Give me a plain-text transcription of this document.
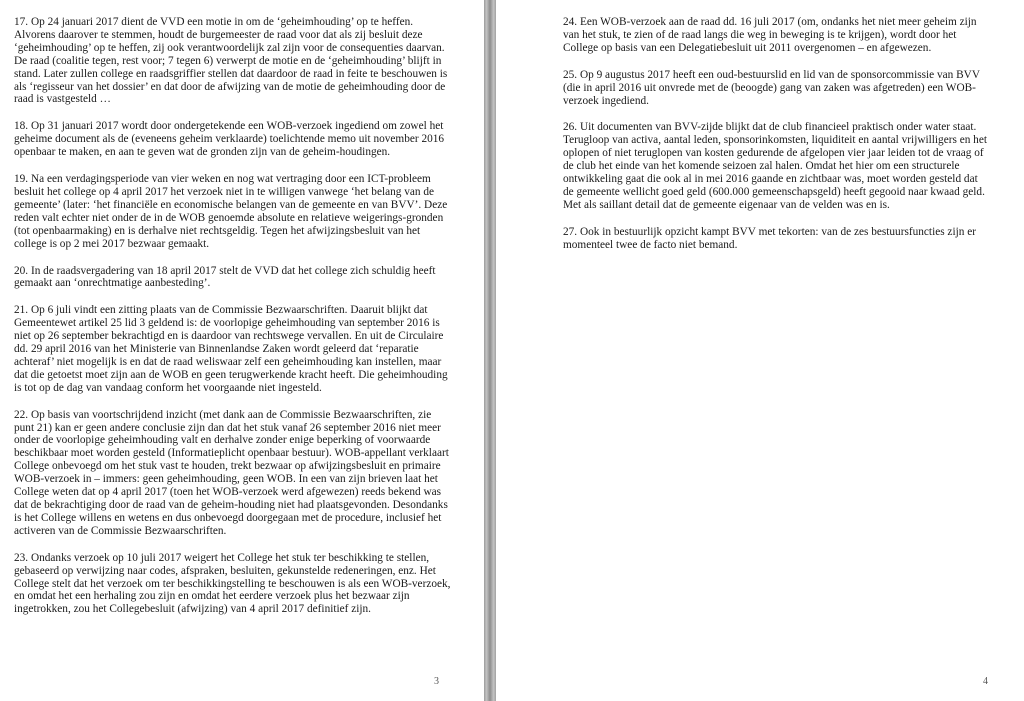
17. Op 24 januari 2017 dient de VVD een motie in om de ‘geheimhouding’ op te heffen. Alvorens daarover te stemmen, houdt de burgemeester de raad voor dat als zij besluit deze ‘geheimhouding’ op te heffen, zij ook verantwoordelijk zal zijn voor de consequenties daarvan. De raad (coalitie tegen, rest voor; 7 tegen 6) verwerpt de motie en de ‘geheimhouding’ blijft in stand. Later zullen college en raadsgriffier stellen dat daardoor de raad in feite te beschouwen is als ‘regisseur van het dossier’ en dat door de afwijzing van de motie de geheimhouding door de raad is vastgesteld …

18. Op 31 januari 2017 wordt door ondergetekende een WOB-verzoek ingediend om zowel het geheime document als de (eveneens geheim verklaarde) toelichtende memo uit november 2016 openbaar te maken, en aan te geven wat de gronden zijn van de geheim-houdingen.

19. Na een verdagingsperiode van vier weken en nog wat vertraging door een ICT-probleem besluit het college op 4 april 2017 het verzoek niet in te willigen vanwege ‘het belang van de gemeente’ (later: ‘het financiële en economische belangen van de gemeente en van BVV’. Deze reden valt echter niet onder de in de WOB genoemde absolute en relatieve weigerings-gronden (tot openbaarmaking) en is derhalve niet rechtsgeldig. Tegen het afwijzingsbesluit van het college is op 2 mei 2017 bezwaar gemaakt.

20. In de raadsvergadering van 18 april 2017 stelt de VVD dat het college zich schuldig heeft gemaakt aan ‘onrechtmatige aanbesteding’.

21. Op 6 juli vindt een zitting plaats van de Commissie Bezwaarschriften. Daaruit blijkt dat Gemeentewet artikel 25 lid 3 geldend is: de voorlopige geheimhouding van september 2016 is niet op 26 september bekrachtigd en is daardoor van rechtswege vervallen. En uit de Circulaire dd. 29 april 2016 van het Ministerie van Binnenlandse Zaken wordt geleerd dat ‘reparatie achteraf’ niet mogelijk is en dat de raad weliswaar zelf een geheimhouding kan instellen, maar dat die getoetst moet zijn aan de WOB en geen terugwerkende kracht heeft. Die geheimhouding is tot op de dag van vandaag conform het voorgaande niet ingesteld.

22. Op basis van voortschrijdend inzicht (met dank aan de Commissie Bezwaarschriften, zie punt 21) kan er geen andere conclusie zijn dan dat het stuk vanaf 26 september 2016 niet meer onder de voorlopige geheimhouding valt en derhalve zonder enige beperking of voorwaarde beschikbaar moet worden gesteld (Informatieplicht openbaar bestuur). WOB-appellant verklaart College onbevoegd om het stuk vast te houden, trekt bezwaar op afwijzingsbesluit en primaire WOB-verzoek in – immers: geen geheimhouding, geen WOB. In een van zijn brieven laat het College weten dat op 4 april 2017 (toen het WOB-verzoek werd afgewezen) reeds bekend was dat de bekrachtiging door de raad van de geheim-houding niet had plaatsgevonden. Desondanks is het College willens en wetens en dus onbevoegd doorgegaan met de procedure, inclusief het activeren van de Commissie Bezwaarschriften.

23. Ondanks verzoek op 10 juli 2017 weigert het College het stuk ter beschikking te stellen, gebaseerd op verwijzing naar codes, afspraken, besluiten, gekunstelde redeneringen, enz. Het College stelt dat het verzoek om ter beschikkingstelling te beschouwen is als een WOB-verzoek, en omdat het een herhaling zou zijn en omdat het eerdere verzoek plus het bezwaar zijn ingetrokken, zou het Collegebesluit (afwijzing) van 4 april 2017 definitief zijn.

3

24. Een WOB-verzoek aan de raad dd. 16 juli 2017 (om, ondanks het niet meer geheim zijn van het stuk, te zien of de raad langs die weg in beweging is te krijgen), wordt door het College op basis van een Delegatiebesluit uit 2011 overgenomen – en afgewezen.

25. Op 9 augustus 2017 heeft een oud-bestuurslid en lid van de sponsorcommissie van BVV (die in april 2016 uit onvrede met de (beoogde) gang van zaken was afgetreden) een WOB-verzoek ingediend.

26. Uit documenten van BVV-zijde blijkt dat de club financieel praktisch onder water staat. Terugloop van activa, aantal leden, sponsorinkomsten, liquiditeit en aantal vrijwilligers en het oplopen of niet teruglopen van kosten gedurende de afgelopen vier jaar leiden tot de vraag of de club het einde van het komende seizoen zal halen. Omdat het hier om een structurele ontwikkeling gaat die ook al in mei 2016 gaande en zichtbaar was, moet worden gesteld dat de gemeente wellicht goed geld (600.000 gemeenschapsgeld) heeft gegooid naar kwaad geld. Met als saillant detail dat de gemeente eigenaar van de velden was en is.

27. Ook in bestuurlijk opzicht kampt BVV met tekorten: van de zes bestuursfuncties zijn er momenteel twee de facto niet bemand.

4
